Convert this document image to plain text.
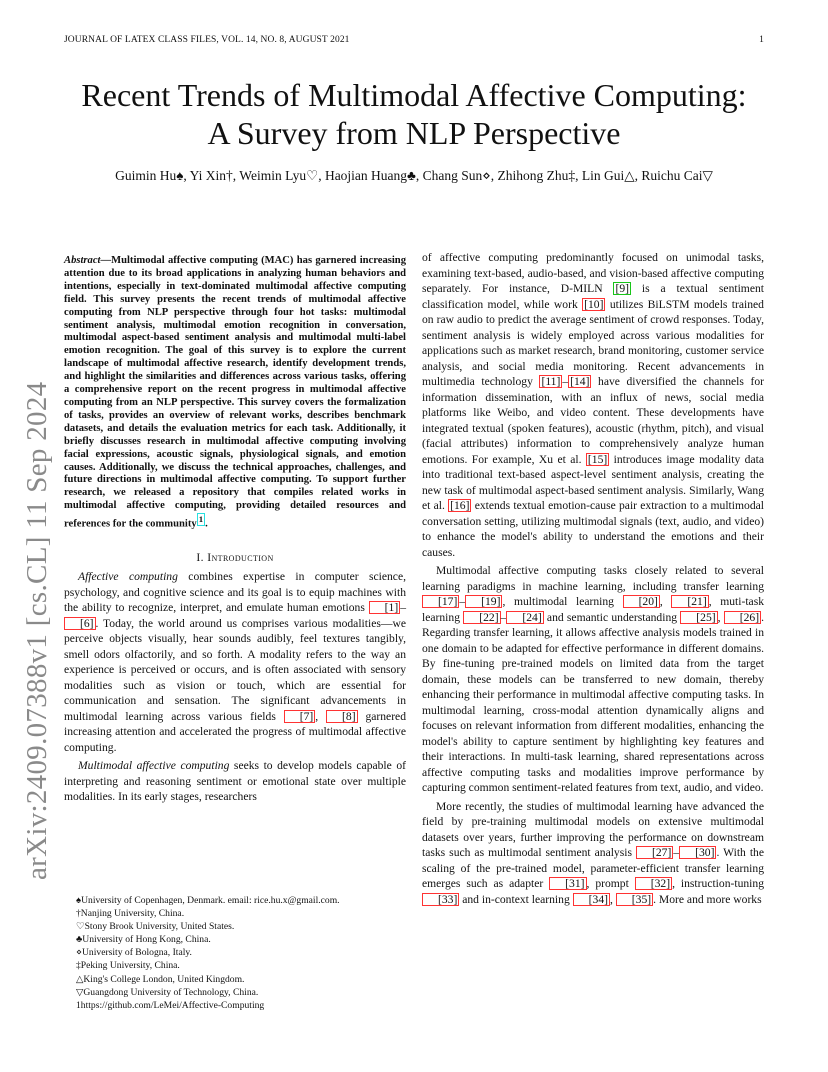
JOURNAL OF LATEX CLASS FILES, VOL. 14, NO. 8, AUGUST 2021	1
arXiv:2409.07388v1 [cs.CL] 11 Sep 2024
Recent Trends of Multimodal Affective Computing:
A Survey from NLP Perspective
Guimin Hu♠, Yi Xin†, Weimin Lyu♡, Haojian Huang♣, Chang Sun⋄, Zhihong Zhu‡, Lin Gui△, Ruichu Cai▽
Abstract—Multimodal affective computing (MAC) has garnered increasing attention due to its broad applications in analyzing human behaviors and intentions, especially in text-dominated multimodal affective computing field. This survey presents the recent trends of multimodal affective computing from NLP perspective through four hot tasks: multimodal sentiment analysis, multimodal emotion recognition in conversation, multimodal aspect-based sentiment analysis and multimodal multi-label emotion recognition. The goal of this survey is to explore the current landscape of multimodal affective research, identify development trends, and highlight the similarities and differences across various tasks, offering a comprehensive report on the recent progress in multimodal affective computing from an NLP perspective. This survey covers the formalization of tasks, provides an overview of relevant works, describes benchmark datasets, and details the evaluation metrics for each task. Additionally, it briefly discusses research in multimodal affective computing involving facial expressions, acoustic signals, physiological signals, and emotion causes. Additionally, we discuss the technical approaches, challenges, and future directions in multimodal affective computing. To support further research, we released a repository that compiles related works in multimodal affective computing, providing detailed resources and references for the community $^1$ .
I. Introduction

Affective computing combines expertise in computer science, psychology, and cognitive science and its goal is to equip machines with the ability to recognize, interpret, and emulate human emotions [1] –[6] . Today, the world around us comprises various modalities—we perceive objects visually, hear sounds audibly, feel textures tangibly, smell odors olfactorily, and so forth. A modality refers to the way an experience is perceived or occurs, and is often associated with sensory modalities such as vision or touch, which are essential for communication and sensation. The significant advancements in multimodal learning across various fields [7] , [8] garnered increasing attention and accelerated the progress of multimodal affective computing.

Multimodal affective computing seeks to develop models capable of interpreting and reasoning sentiment or emotional state over multiple modalities. In its early stages, researchers

♠University of Copenhagen, Denmark. email: rice.hu.x@gmail.com.
†Nanjing University, China.
♡Stony Brook University, United States.
♣University of Hong Kong, China.
⋄University of Bologna, Italy.
‡Peking University, China.
△King's College London, United Kingdom.
▽Guangdong University of Technology, China.
1https://github.com/LeMei/Affective-Computing

of affective computing predominantly focused on unimodal tasks, examining text-based, audio-based, and vision-based affective computing separately. For instance, D-MILN [9] is a textual sentiment classification model, while work [10] utilizes BiLSTM models trained on raw audio to predict the average sentiment of crowd responses. Today, sentiment analysis is widely employed across various modalities for applications such as market research, brand monitoring, customer service analysis, and social media monitoring. Recent advancements in multimedia technology [11] – [14] have diversified the channels for information dissemination, with an influx of news, social media platforms like Weibo, and video content. These developments have integrated textual (spoken features), acoustic (rhythm, pitch), and visual (facial attributes) information to comprehensively analyze human emotions. For example, Xu et al. [15] introduces image modality data into traditional text-based aspect-level sentiment analysis, creating the new task of multimodal aspect-based sentiment analysis. Similarly, Wang et al. [16] extends textual emotion-cause pair extraction to a multimodal conversation setting, utilizing multimodal signals (text, audio, and video) to enhance the model's ability to understand the emotions and their causes.

Multimodal affective computing tasks closely related to several learning paradigms in machine learning, including transfer learning [17] – [19] , multimodal learning [20] , [21] , muti-task learning [22] – [24] and semantic understanding [25] , [26] . Regarding transfer learning, it allows affective analysis models trained in one domain to be adapted for effective performance in different domains. By fine-tuning pre-trained models on limited data from the target domain, these models can be transferred to new domain, thereby enhancing their performance in multimodal affective computing tasks. In multimodal learning, cross-modal attention dynamically aligns and focuses on relevant information from different modalities, enhancing the model's ability to capture sentiment by highlighting key features and their interactions. In multi-task learning, shared representations across affective computing tasks and modalities improve performance by capturing common sentiment-related features from text, audio, and video.

More recently, the studies of multimodal learning have advanced the field by pre-training multimodal models on extensive multimodal datasets over years, further improving the performance on downstream tasks such as multimodal sentiment analysis [27] – [30] . With the scaling of the pre-trained model, parameter-efficient transfer learning emerges such as adapter [31] , prompt [32] , instruction-tuning [33] and in-context learning [34] , [35] . More and more works
